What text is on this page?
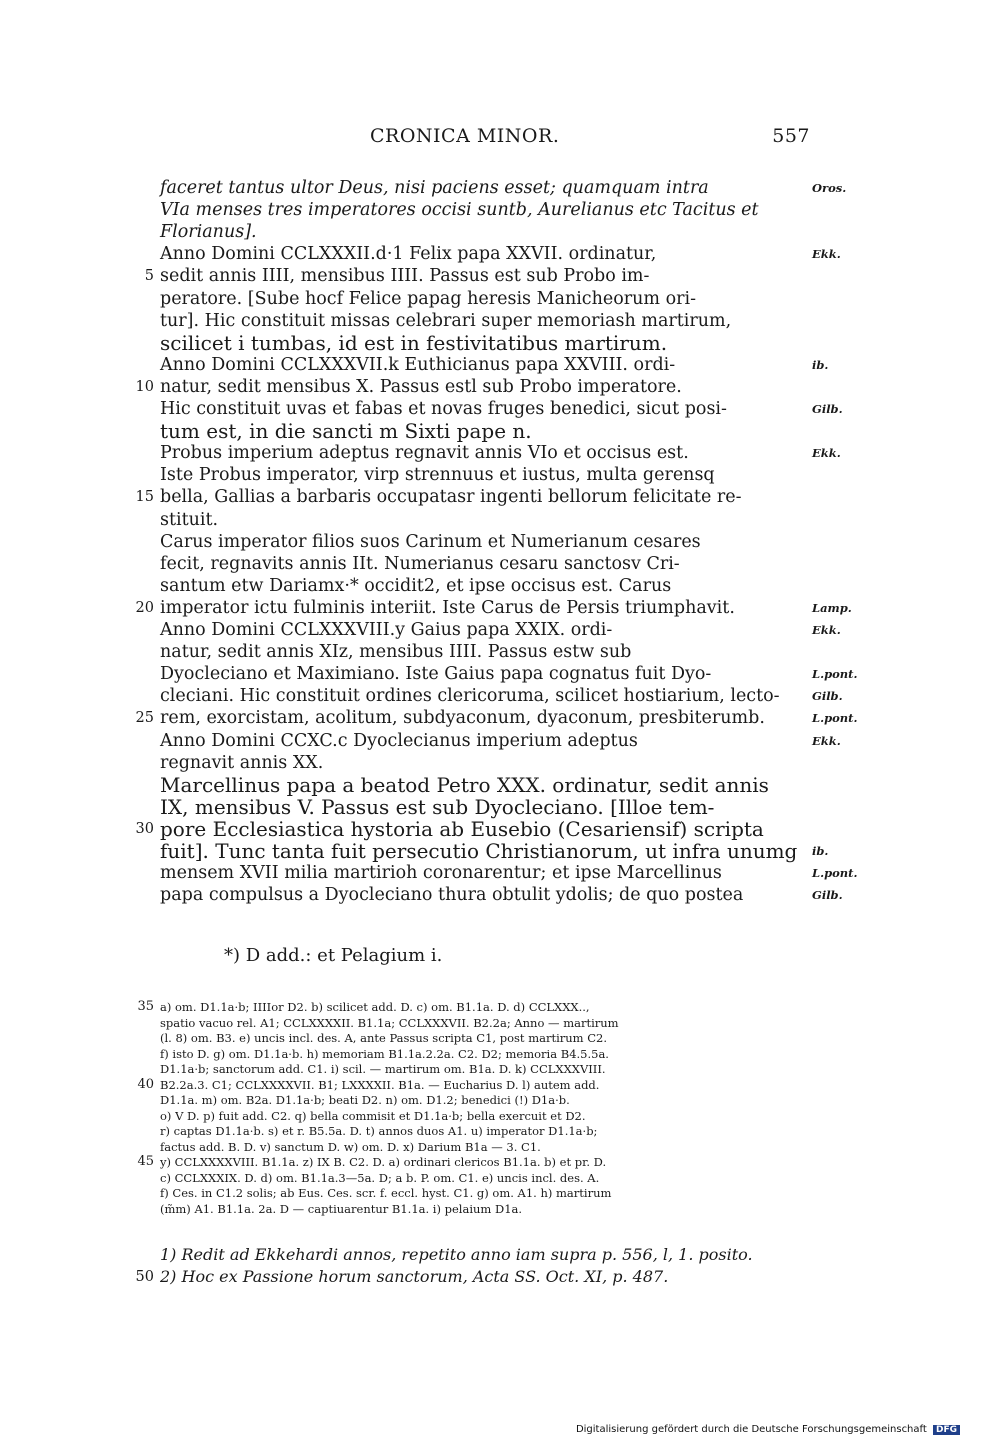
CRONICA MINOR.	557
faceret tantus ultor Deus, nisi paciens esset; quamquam intra	Oros.
VIa menses tres imperatores occisi suntb, Aurelianus etc Tacitus et
Florianus].
Anno Domini CCLXXXII.d·1 Felix papa XXVII. ordinatur,	Ekk.
sedit annis IIII, mensibus IIII. Passus est sub Probo im-
5
peratore. [Sube hocf Felice papag heresis Manicheorum ori-
tur]. Hic constituit missas celebrari super memoriash martirum,
scilicet i tumbas, id est in festivitatibus martirum.
Anno Domini CCLXXXVII.k Euthicianus papa XXVIII. ordi-	ib.
natur, sedit mensibus X. Passus estl sub Probo imperatore.
10
Hic constituit uvas et fabas et novas fruges benedici, sicut posi-	Gilb.
tum est, in die sancti m Sixti pape n.
Probus imperium adeptus regnavit annis VIo et occisus est.	Ekk.
Iste Probus imperator, virp strennuus et iustus, multa gerensq
bella, Gallias a barbaris occupatasr ingenti bellorum felicitate re-
15
stituit.
Carus imperator filios suos Carinum et Numerianum cesares
fecit, regnavits annis IIt. Numerianus cesaru sanctosv Cri-
santum etw Dariamx·* occidit2, et ipse occisus est. Carus
imperator ictu fulminis interiit. Iste Carus de Persis triumphavit.
20	Lamp.
Anno Domini CCLXXXVIII.y Gaius papa XXIX. ordi-	Ekk.
natur, sedit annis XIz, mensibus IIII. Passus estw sub
Dyocleciano et Maximiano. Iste Gaius papa cognatus fuit Dyo-	L.pont.
cleciani. Hic constituit ordines clericoruma, scilicet hostiarium, lecto-	Gilb.
rem, exorcistam, acolitum, subdyaconum, dyaconum, presbiterumb.
25	L.pont.
Anno Domini CCXC.c Dyoclecianus imperium adeptus	Ekk.
regnavit annis XX.
Marcellinus papa a beatod Petro XXX. ordinatur, sedit annis
IX, mensibus V. Passus est sub Dyocleciano. [Illoe tem-
pore Ecclesiastica hystoria ab Eusebio (Cesariensif) scripta
30
fuit]. Tunc tanta fuit persecutio Christianorum, ut infra unumg	ib.
mensem XVII milia martirioh coronarentur; et ipse Marcellinus	L.pont.
papa compulsus a Dyocleciano thura obtulit ydolis; de quo postea	Gilb.
*) D add.: et Pelagium i.
a) om. D1.1a·b; IIIIor D2. b) scilicet add. D. c) om. B1.1a. D. d) CCLXXX..,
35
spatio vacuo rel. A1; CCLXXXXII. B1.1a; CCLXXXVII. B2.2a; Anno — martirum
(l. 8) om. B3. e) uncis incl. des. A, ante Passus scripta C1, post martirum C2.
f) isto D. g) om. D1.1a·b. h) memoriam B1.1a.2.2a. C2. D2; memoria B4.5.5a.
D1.1a·b; sanctorum add. C1. i) scil. — martirum om. B1a. D. k) CCLXXXVIII.
B2.2a.3. C1; CCLXXXXVII. B1; LXXXXII. B1a. — Eucharius D. l) autem add.
40
D1.1a. m) om. B2a. D1.1a·b; beati D2. n) om. D1.2; benedici (!) D1a·b.
o) V D. p) fuit add. C2. q) bella commisit et D1.1a·b; bella exercuit et D2.
r) captas D1.1a·b. s) et r. B5.5a. D. t) annos duos A1. u) imperator D1.1a·b;
factus add. B. D. v) sanctum D. w) om. D. x) Darium B1a — 3. C1.
y) CCLXXXXVIII. B1.1a. z) IX B. C2. D. a) ordinari clericos B1.1a. b) et pr. D.
45
c) CCLXXXIX. D. d) om. B1.1a.3—5a. D; a b. P. om. C1. e) uncis incl. des. A.
f) Ces. in C1.2 solis; ab Eus. Ces. scr. f. eccl. hyst. C1. g) om. A1. h) martirum
(m̃m) A1. B1.1a. 2a. D — captiuarentur B1.1a. i) pelaium D1a.
1) Redit ad Ekkehardi annos, repetito anno iam supra p. 556, l, 1. posito.
2) Hoc ex Passione horum sanctorum, Acta SS. Oct. XI, p. 487.
50
Digitalisierung gefördert durch die Deutsche Forschungsgemeinschaft DFG
